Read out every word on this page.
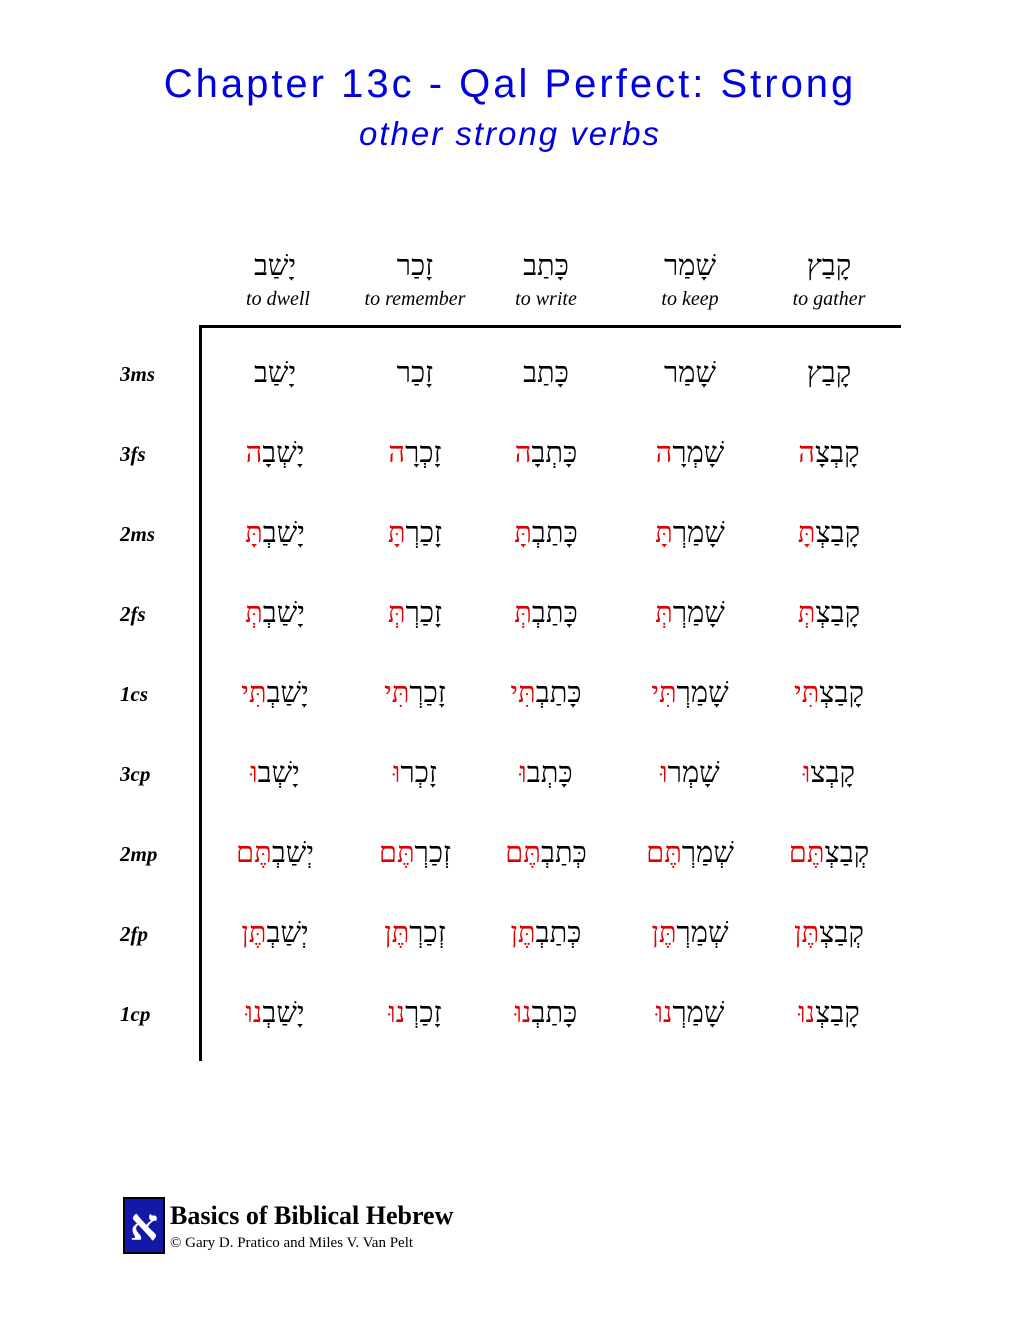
Chapter 13c - Qal Perfect: Strong
other strong verbs
יָשַׁב	זָכַר	כָּתַב	שָׁמַר	קָבַץ
to dwell	to remember	to write	to keep	to gather
3ms	יָשַׁב	זָכַר	כָּתַב	שָׁמַר	קָבַץ
3fs	יָשְׁבָה	זָכְרָה	כָּתְבָה	שָׁמְרָה	קָבְצָה
2ms	יָשַׁבְתָּ	זָכַרְתָּ	כָּתַבְתָּ	שָׁמַרְתָּ	קָבַצְתָּ
2fs	יָשַׁבְתְּ	זָכַרְתְּ	כָּתַבְתְּ	שָׁמַרְתְּ	קָבַצְתְּ
1cs	יָשַׁבְתִּי	זָכַרְתִּי	כָּתַבְתִּי	שָׁמַרְתִּי	קָבַצְתִּי
3cp	יָשְׁבוּ	זָכְרוּ	כָּתְבוּ	שָׁמְרוּ	קָבְצוּ
2mp	יְשַׁבְתֶּם	זְכַרְתֶּם	כְּתַבְתֶּם	שְׁמַרְתֶּם	קְבַצְתֶּם
2fp	יְשַׁבְתֶּן	זְכַרְתֶּן	כְּתַבְתֶּן	שְׁמַרְתֶּן	קְבַצְתֶּן
1cp	יָשַׁבְנוּ	זָכַרְנוּ	כָּתַבְנוּ	שָׁמַרְנוּ	קָבַצְנוּ
א Basics of Biblical Hebrew
© Gary D. Pratico and Miles V. Van Pelt
